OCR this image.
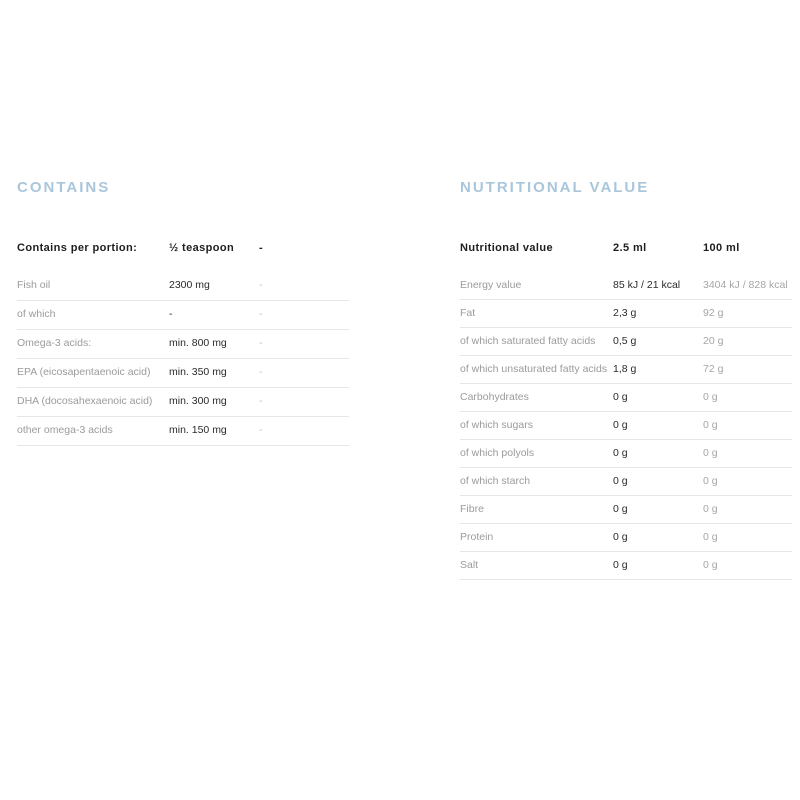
CONTAINS
Contains per portion:	½ teaspoon	-
Fish oil	2300 mg	-
of which	-	-
Omega-3 acids:	min. 800 mg	-
EPA (eicosapentaenoic acid)	min. 350 mg	-
DHA (docosahexaenoic acid)	min. 300 mg	-
other omega-3 acids	min. 150 mg	-
NUTRITIONAL VALUE
Nutritional value	2.5 ml	100 ml
Energy value	85 kJ / 21 kcal	3404 kJ / 828 kcal
Fat	2,3 g	92 g
of which saturated fatty acids	0,5 g	20 g
of which unsaturated fatty acids	1,8 g	72 g
Carbohydrates	0 g	0 g
of which sugars	0 g	0 g
of which polyols	0 g	0 g
of which starch	0 g	0 g
Fibre	0 g	0 g
Protein	0 g	0 g
Salt	0 g	0 g
